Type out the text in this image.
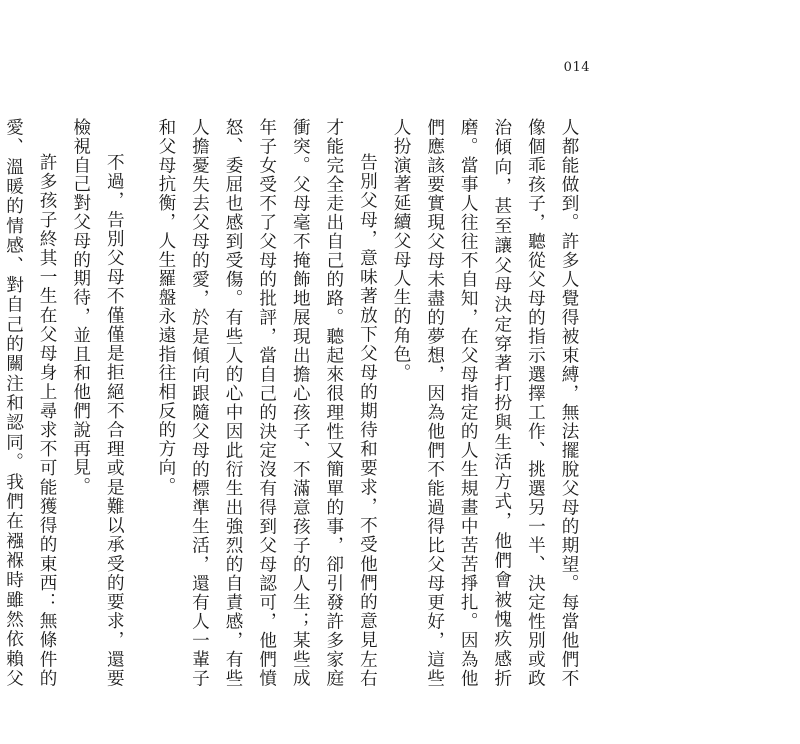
014

人都能做到。許多人覺得被束縛，無法擺脫父母的期望。每當他們不像個乖孩子，聽從父母的指示選擇工作、挑選另一半、決定性別或政治傾向，甚至讓父母決定穿著打扮與生活方式，他們會被愧疚感折磨。當事人往往不自知，在父母指定的人生規畫中苦苦掙扎。因為他們應該要實現父母未盡的夢想，因為他們不能過得比父母更好，這些人扮演著延續父母人生的角色。

告別父母，意味著放下父母的期待和要求，不受他們的意見左右才能完全走出自己的路。聽起來很理性又簡單的事，卻引發許多家庭衝突。父母毫不掩飾地展現出擔心孩子、不滿意孩子的人生；某些成年子女受不了父母的批評，當自己的決定沒有得到父母認可，他們憤怒、委屈也感到受傷。有些人的心中因此衍生出強烈的自責感，有些人擔憂失去父母的愛，於是傾向跟隨父母的標準生活，還有人一輩子和父母抗衡，人生羅盤永遠指往相反的方向。

不過，告別父母不僅僅是拒絕不合理或是難以承受的要求，還要檢視自己對父母的期待，並且和他們說再見。

許多孩子終其一生在父母身上尋求不可能獲得的東西：無條件的愛、溫暖的情感、對自己的關注和認同。我們在襁褓時雖然依賴父
